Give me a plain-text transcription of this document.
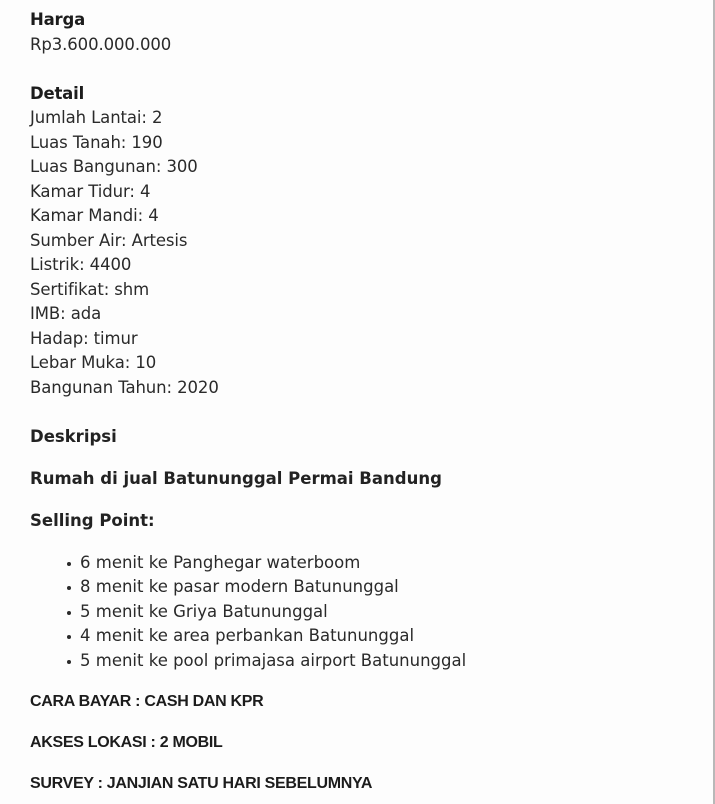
Harga
Rp3.600.000.000
Detail
Jumlah Lantai: 2
Luas Tanah: 190
Luas Bangunan: 300
Kamar Tidur: 4
Kamar Mandi: 4
Sumber Air: Artesis
Listrik: 4400
Sertifikat: shm
IMB: ada
Hadap: timur
Lebar Muka: 10
Bangunan Tahun: 2020
Deskripsi
Rumah di jual Batununggal Permai Bandung
Selling Point:
6 menit ke Panghegar waterboom
8 menit ke pasar modern Batununggal
5 menit ke Griya Batununggal
4 menit ke area perbankan Batununggal
5 menit ke pool primajasa airport Batununggal
CARA BAYAR : CASH DAN KPR
AKSES LOKASI : 2 MOBIL
SURVEY : JANJIAN SATU HARI SEBELUMNYA
